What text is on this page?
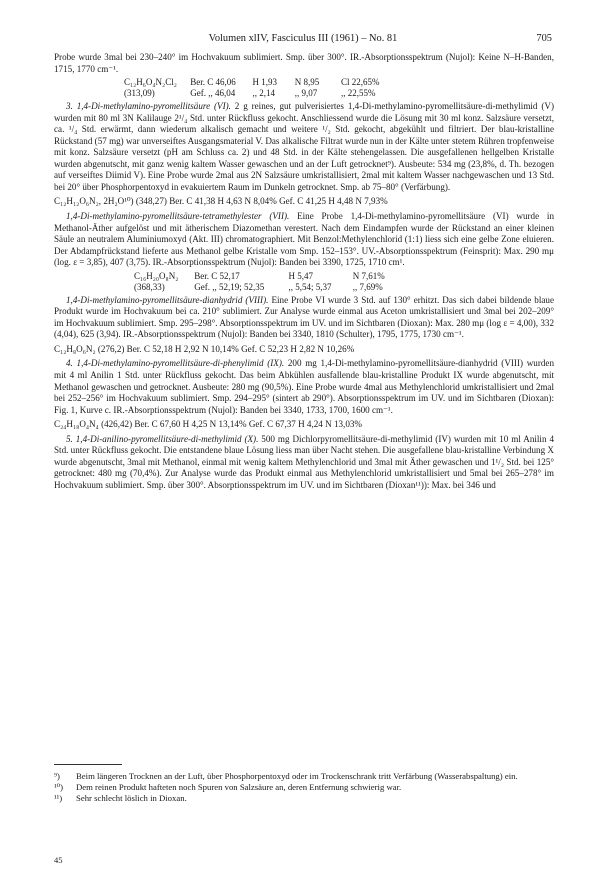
Volumen xlIV, Fasciculus III (1961) – No. 81	705

Probe wurde 3mal bei 230–240° im Hochvakuum sublimiert. Smp. über 300°. IR.-Absorptionsspektrum (Nujol): Keine N–H-Banden, 1715, 1770 cm⁻¹.

C₁₂H₆O₄N₂Cl₂ Ber. C 46,06 H 1,93 N 8,95 Cl 22,65%
(313,09)	Gef. ,, 46,04 ,, 2,14 ,, 9,07	,, 22,55%

3. 1,4-Di-methylamino-pyromellitsäure (VI). 2 g reines, gut pulverisiertes 1,4-Di-methylamino-pyromellitsäure-di-methylimid (V) wurden mit 80 ml 3N Kalilauge 2¹/₄ Std. unter Rückfluss gekocht. Anschliessend wurde die Lösung mit 30 ml konz. Salzsäure versetzt, ca. ¹/₄ Std. erwärmt, dann wiederum alkalisch gemacht und weitere ¹/₂ Std. gekocht, abgekühlt und filtriert. Der blau-kristalline Rückstand (57 mg) war unverseiftes Ausgangsmaterial V. Das alkalische Filtrat wurde nun in der Kälte unter stetem Rühren tropfenweise mit konz. Salzsäure versetzt (pH am Schluss ca. 2) und 48 Std. in der Kälte stehengelassen. Die ausgefallenen hellgelben Kristalle wurden abgenutscht, mit ganz wenig kaltem Wasser gewaschen und an der Luft getrocknet⁹). Ausbeute: 534 mg (23,8%, d. Th. bezogen auf verseiftes Diimid V). Eine Probe wurde 2mal aus 2N Salzsäure umkristallisiert, 2mal mit kaltem Wasser nachgewaschen und 13 Std. bei 20° über Phosphorpentoxyd in evakuiertem Raum im Dunkeln getrocknet. Smp. ab 75–80° (Verfärbung).

C₁₂H₁₂O₆N₂, 2H₂O¹⁰) (348,27) Ber. C 41,38 H 4,63 N 8,04% Gef. C 41,25 H 4,48 N 7,93%

1,4-Di-methylamino-pyromellitsäure-tetramethylester (VII). Eine Probe 1,4-Di-methylamino-pyromellitsäure (VI) wurde in Methanol-Äther aufgelöst und mit ätherischem Diazomethan verestert. Nach dem Eindampfen wurde der Rückstand an einer kleinen Säule an neutralem Aluminiumoxyd (Akt. III) chromatographiert. Mit Benzol:Methylenchlorid (1:1) liess sich eine gelbe Zone eluieren. Der Abdampfrückstand lieferte aus Methanol gelbe Kristalle vom Smp. 152–153°. UV.-Absorptionsspektrum (Feinsprit): Max. 290 mμ (log. ε = 3,85), 407 (3,75). IR.-Absorptionsspektrum (Nujol): Banden bei 3390, 1725, 1710 cm¹.

C₁₆H₂₀O₈N₂ Ber. C 52,17	H 5,47	N 7,61%
(368,33)	Gef. ,, 52,19; 52,35	,, 5,54; 5,37 ,, 7,69%

1,4-Di-methylamino-pyromellitsäure-dianhydrid (VIII). Eine Probe VI wurde 3 Std. auf 130° erhitzt. Das sich dabei bildende blaue Produkt wurde im Hochvakuum bei ca. 210° sublimiert. Zur Analyse wurde einmal aus Aceton umkristallisiert und 3mal bei 202–209° im Hochvakuum sublimiert. Smp. 295–298°. Absorptionsspektrum im UV. und im Sichtbaren (Dioxan): Max. 280 mμ (log ε = 4,00), 332 (4,04), 625 (3,94). IR.-Absorptionsspektrum (Nujol): Banden bei 3340, 1810 (Schulter), 1795, 1775, 1730 cm⁻¹.

C₁₂H₈O₆N₂ (276,2) Ber. C 52,18 H 2,92 N 10,14% Gef. C 52,23 H 2,82 N 10,26%

4. 1,4-Di-methylamino-pyromellitsäure-di-phenylimid (IX). 200 mg 1,4-Di-methylamino-pyromellitsäure-dianhydrid (VIII) wurden mit 4 ml Anilin 1 Std. unter Rückfluss gekocht. Das beim Abkühlen ausfallende blau-kristalline Produkt IX wurde abgenutscht, mit Methanol gewaschen und getrocknet. Ausbeute: 280 mg (90,5%). Eine Probe wurde 4mal aus Methylenchlorid umkristallisiert und 2mal bei 252–256° im Hochvakuum sublimiert. Smp. 294–295° (sintert ab 290°). Absorptionsspektrum im UV. und im Sichtbaren (Dioxan): Fig. 1, Kurve c. IR.-Absorptionsspektrum (Nujol): Banden bei 3340, 1733, 1700, 1600 cm⁻¹.

C₂₄H₁₈O₄N₄ (426,42) Ber. C 67,60 H 4,25 N 13,14% Gef. C 67,37 H 4,24 N 13,03%

5. 1,4-Di-anilino-pyromellitsäure-di-methylimid (X). 500 mg Dichlorpyromellitsäure-di-methylimid (IV) wurden mit 10 ml Anilin 4 Std. unter Rückfluss gekocht. Die entstandene blaue Lösung liess man über Nacht stehen. Die ausgefallene blau-kristalline Verbindung X wurde abgenutscht, 3mal mit Methanol, einmal mit wenig kaltem Methylenchlorid und 3mal mit Äther gewaschen und 1¹/₂ Std. bei 125° getrocknet: 480 mg (70,4%). Zur Analyse wurde das Produkt einmal aus Methylenchlorid umkristallisiert und 5mal bei 265–278° im Hochvakuum sublimiert. Smp. über 300°. Absorptionsspektrum im UV. und im Sichtbaren (Dioxan¹¹)): Max. bei 346 und

⁹)	Beim längeren Trocknen an der Luft, über Phosphorpentoxyd oder im Trockenschrank tritt Verfärbung (Wasserabspaltung) ein.
¹⁰)	Dem reinen Produkt hafteten noch Spuren von Salzsäure an, deren Entfernung schwierig war.
¹¹)	Sehr schlecht löslich in Dioxan.
45
